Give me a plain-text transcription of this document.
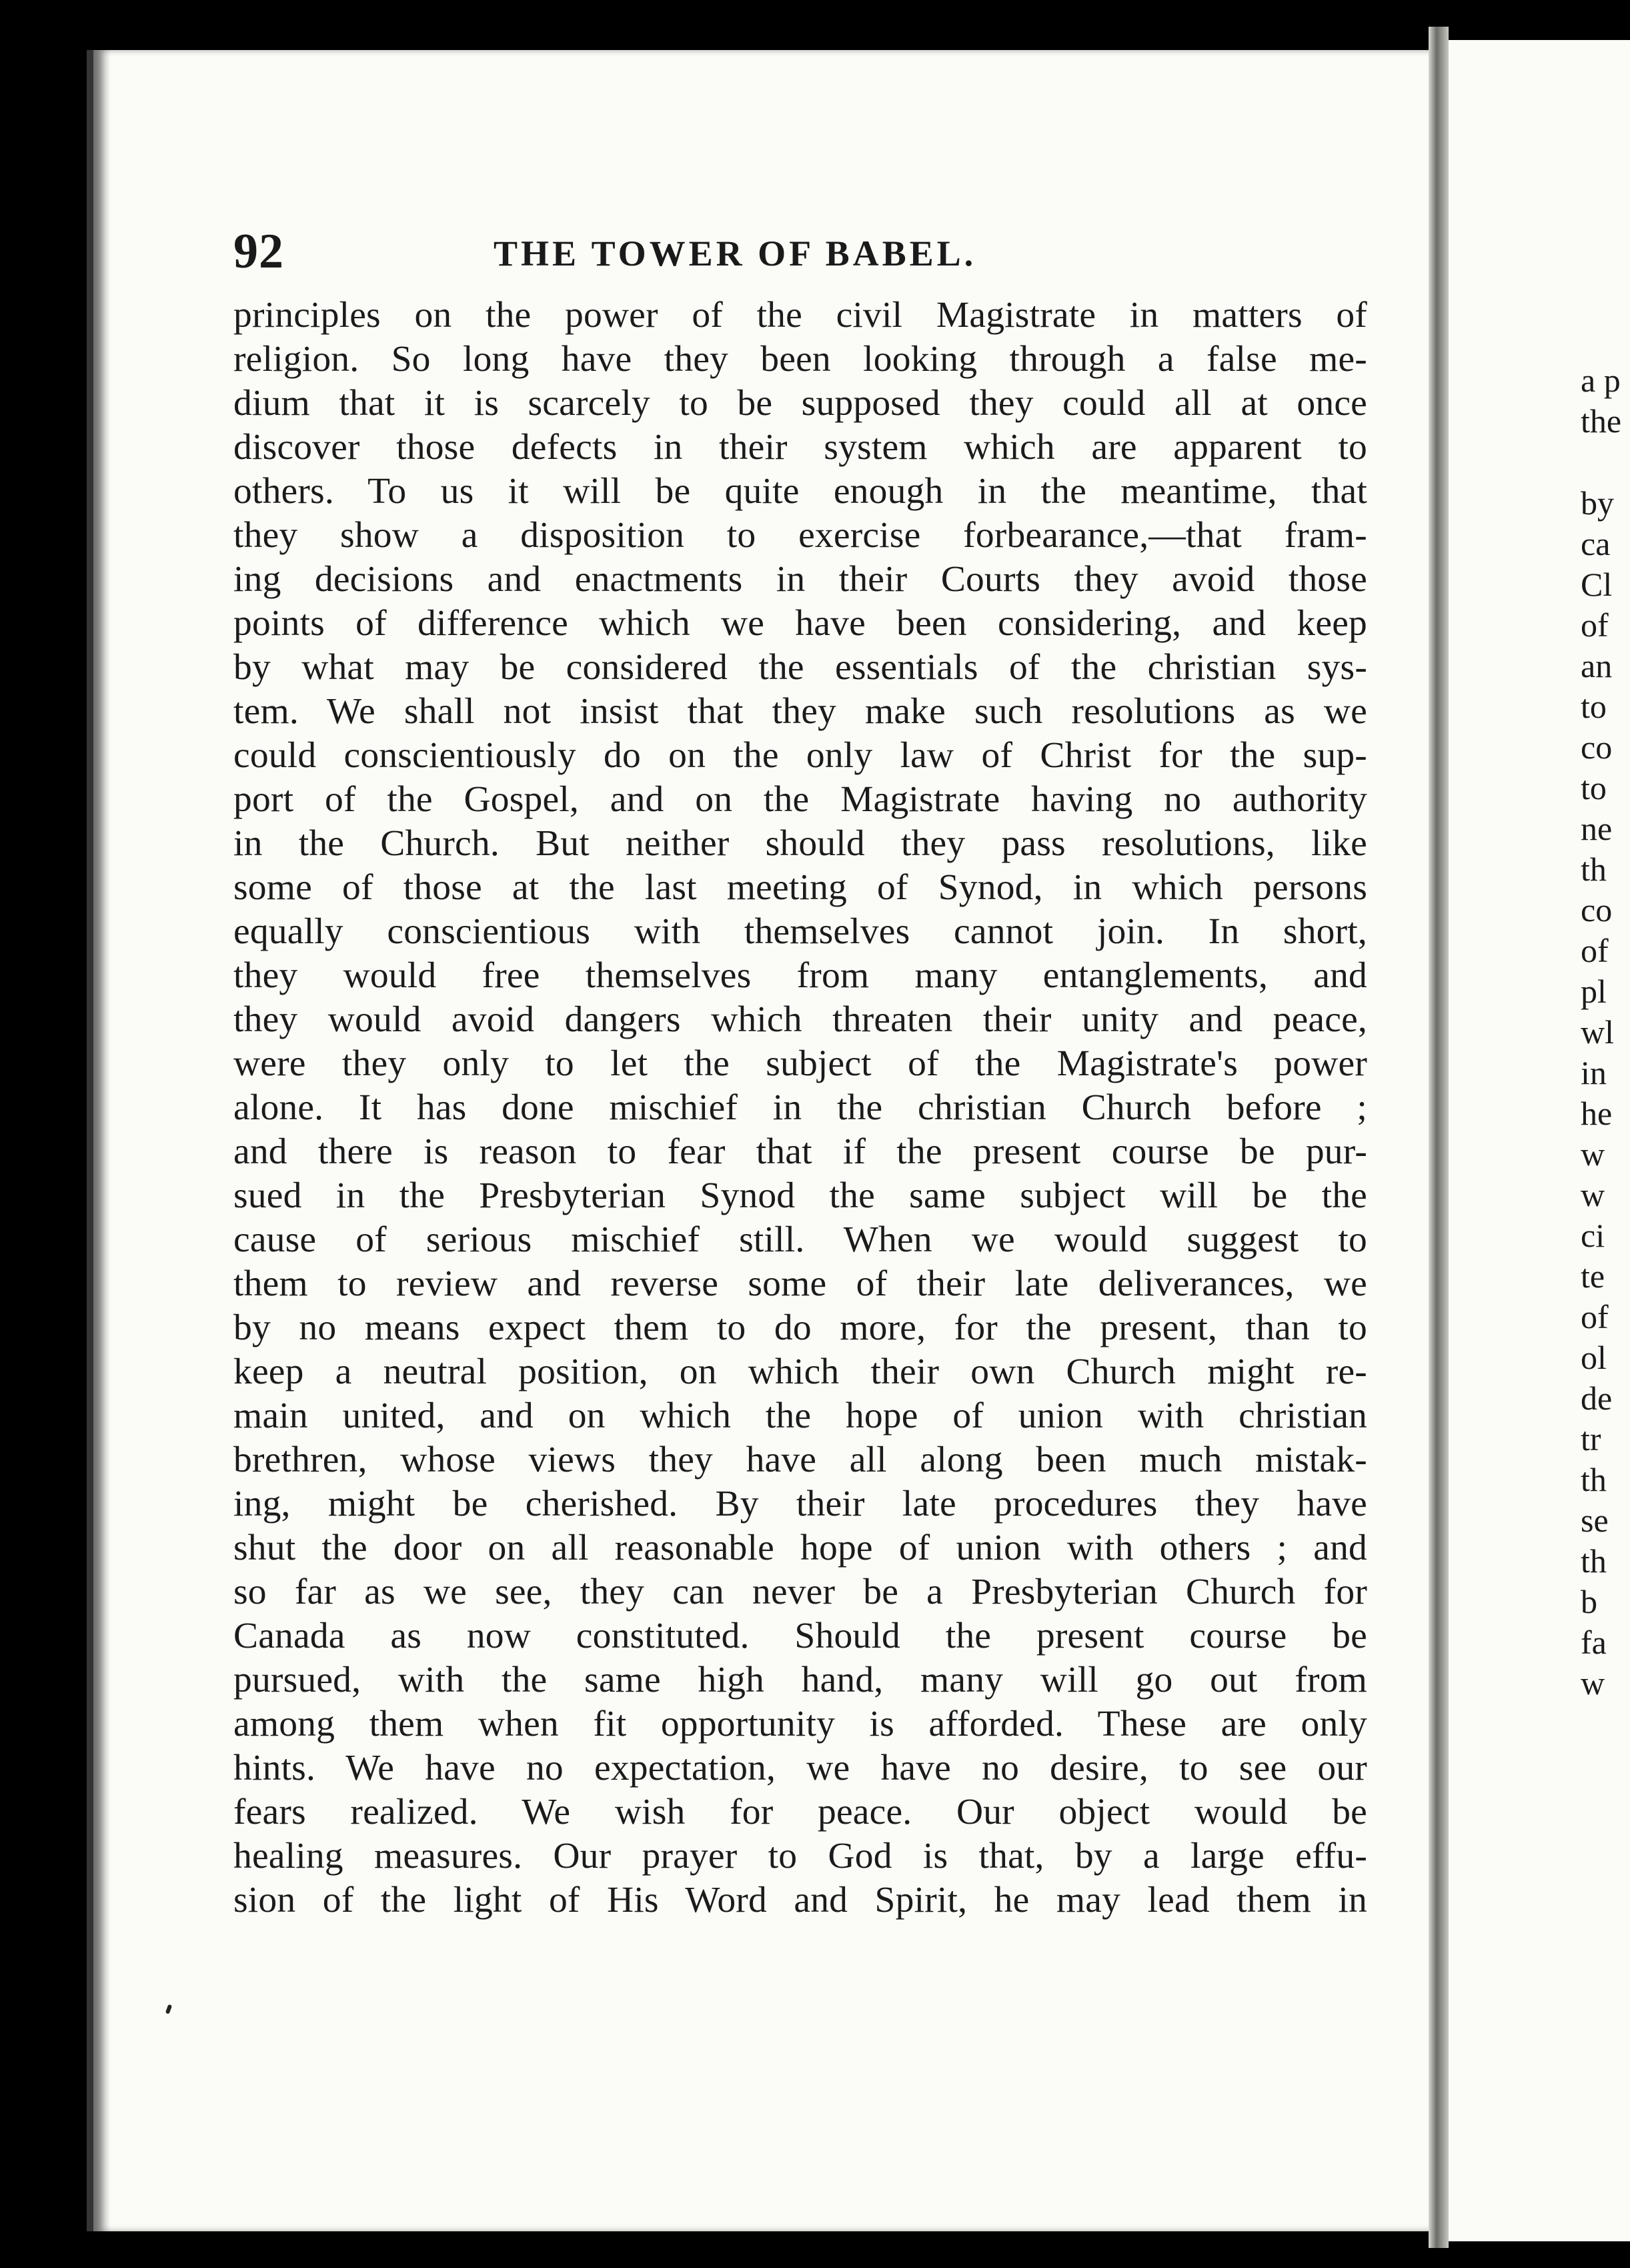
92	THE TOWER OF BABEL.
principles on the power of the civil Magistrate in matters of
religion. So long have they been looking through a false me-
dium that it is scarcely to be supposed they could all at once
discover those defects in their system which are apparent to
others. To us it will be quite enough in the meantime, that
they show a disposition to exercise forbearance,—that fram-
ing decisions and enactments in their Courts they avoid those
points of difference which we have been considering, and keep
by what may be considered the essentials of the christian sys-
tem. We shall not insist that they make such resolutions as we
could conscientiously do on the only law of Christ for the sup-
port of the Gospel, and on the Magistrate having no authority
in the Church. But neither should they pass resolutions, like
some of those at the last meeting of Synod, in which persons
equally conscientious with themselves cannot join. In short,
they would free themselves from many entanglements, and
they would avoid dangers which threaten their unity and peace,
were they only to let the subject of the Magistrate's power
alone. It has done mischief in the christian Church before ;
and there is reason to fear that if the present course be pur-
sued in the Presbyterian Synod the same subject will be the
cause of serious mischief still. When we would suggest to
them to review and reverse some of their late deliverances, we
by no means expect them to do more, for the present, than to
keep a neutral position, on which their own Church might re-
main united, and on which the hope of union with christian
brethren, whose views they have all along been much mistak-
ing, might be cherished. By their late procedures they have
shut the door on all reasonable hope of union with others ; and
so far as we see, they can never be a Presbyterian Church for
Canada as now constituted. Should the present course be
pursued, with the same high hand, many will go out from
among them when fit opportunity is afforded. These are only
hints. We have no expectation, we have no desire, to see our
fears realized. We wish for peace. Our object would be
healing measures. Our prayer to God is that, by a large effu-
sion of the light of His Word and Spirit, he may lead them in
a p
the
by
ca
Cl
of
an
to
co
to
ne
th
co
of
pl
wl
in
he
w
w
ci
te
of
ol
de
tr
th
se
th
b
fa
w
